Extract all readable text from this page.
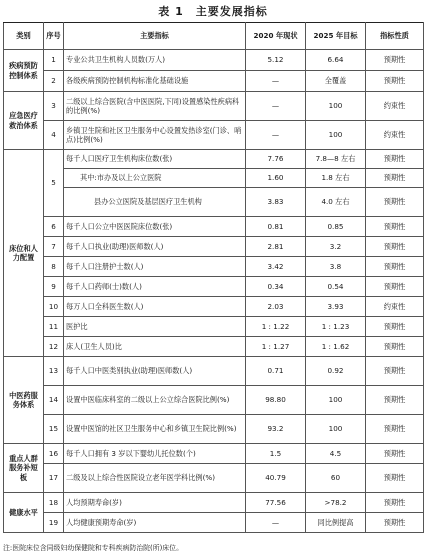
表 1　主要发展指标
类别	序号	主要指标	2020 年现状	2025 年目标	指标性质
疾病预防控制体系	1	专业公共卫生机构人员数(万人)	5.12	6.64	预期性
	2	各级疾病预防控制机构标准化基础设施	—	全覆盖	预期性
应急医疗救治体系	3	二级以上综合医院(含中医医院,下同)设置感染性疾病科的比例(%)	—	100	约束性
	4	乡镇卫生院和社区卫生服务中心设置发热诊室(门诊、哨点)比例(%)	—	100	约束性
床位和人力配置	5	每千人口医疗卫生机构床位数(张)	7.76	7.8—8 左右	预期性
		其中:市办及以上公立医院	1.60	1.8 左右	预期性
		县办公立医院及基层医疗卫生机构	3.83	4.0 左右	预期性
	6	每千人口公立中医医院床位数(张)	0.81	0.85	预期性
	7	每千人口执业(助理)医师数(人)	2.81	3.2	预期性
	8	每千人口注册护士数(人)	3.42	3.8	预期性
	9	每千人口药师(士)数(人)	0.34	0.54	预期性
	10	每万人口全科医生数(人)	2.03	3.93	约束性
	11	医护比	1 : 1.22	1 : 1.23	预期性
	12	床人(卫生人员)比	1 : 1.27	1 : 1.62	预期性
中医药服务体系	13	每千人口中医类别执业(助理)医师数(人)	0.71	0.92	预期性
	14	设置中医临床科室的二级以上公立综合医院比例(%)	98.80	100	预期性
	15	设置中医馆的社区卫生服务中心和乡镇卫生院比例(%)	93.2	100	预期性
重点人群服务补短板	16	每千人口拥有 3 岁以下婴幼儿托位数(个)	1.5	4.5	预期性
	17	二级及以上综合性医院设立老年医学科比例(%)	40.79	60	预期性
健康水平	18	人均预期寿命(岁)	77.56	>78.2	预期性
	19	人均健康预期寿命(岁)	—	同比例提高	预期性
注:医院床位含同级妇幼保健院和专科疾病防治院(所)床位。
